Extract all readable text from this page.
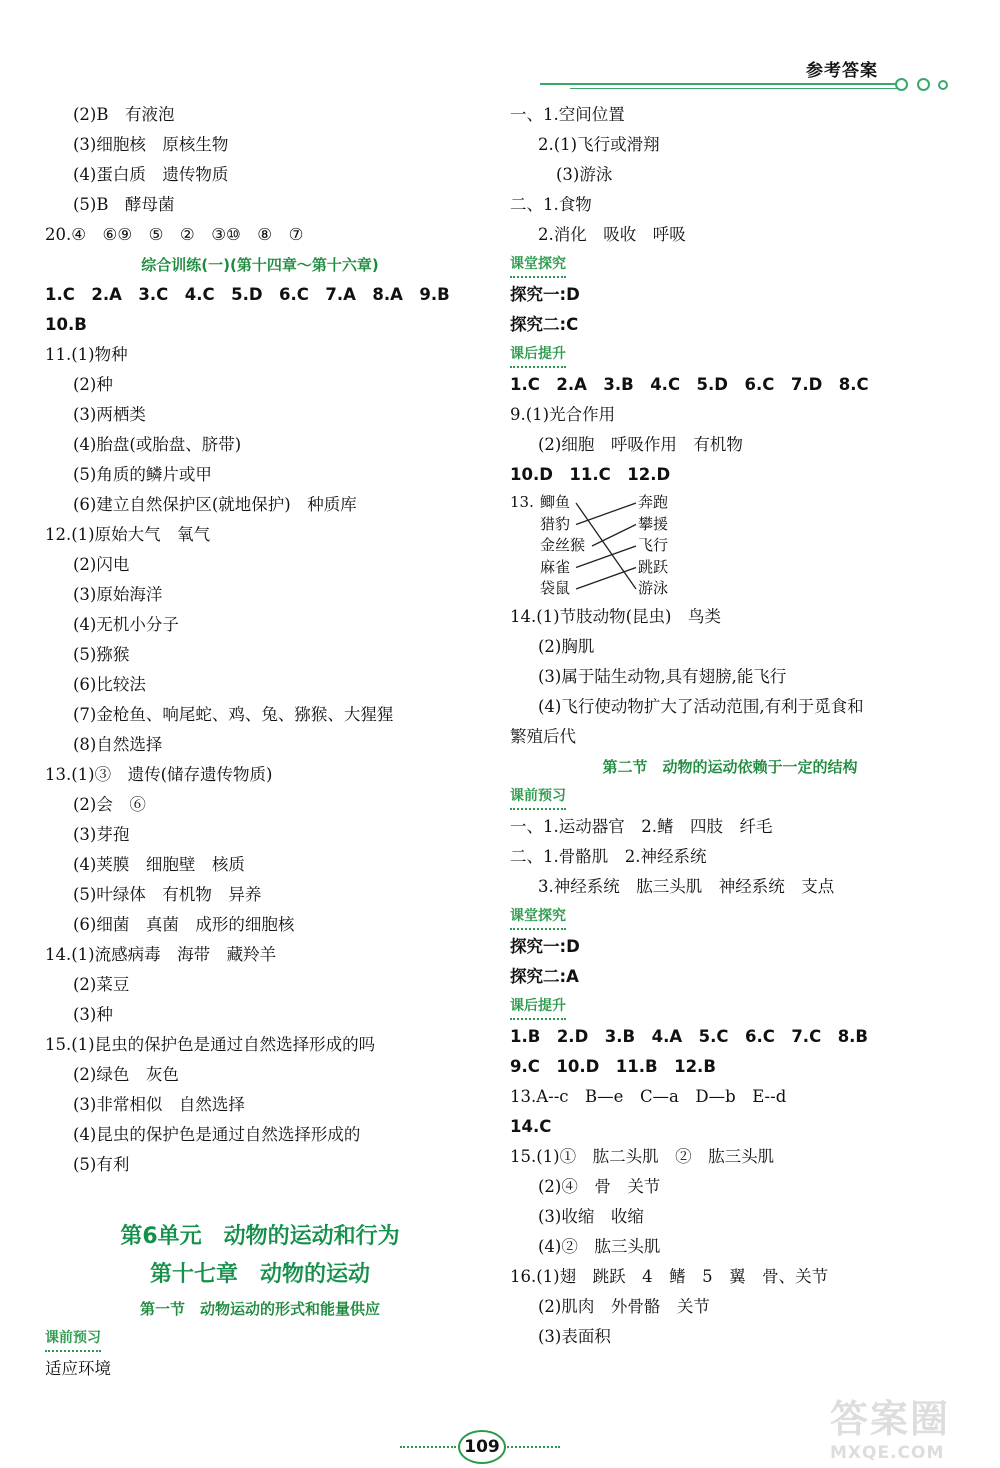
参考答案
(2)B　有液泡
(3)细胞核　原核生物
(4)蛋白质　遗传物质
(5)B　酵母菌
20.④　⑥⑨　⑤　②　③⑩　⑧　⑦
综合训练(一)(第十四章～第十六章)
1.C　2.A　3.C　4.C　5.D　6.C　7.A　8.A　9.B
10.B
11.(1)物种
(2)种
(3)两栖类
(4)胎盘(或胎盘、脐带)
(5)角质的鳞片或甲
(6)建立自然保护区(就地保护)　种质库
12.(1)原始大气　氧气
(2)闪电
(3)原始海洋
(4)无机小分子
(5)猕猴
(6)比较法
(7)金枪鱼、响尾蛇、鸡、兔、猕猴、大猩猩
(8)自然选择
13.(1)③　遗传(储存遗传物质)
(2)会　⑥
(3)芽孢
(4)荚膜　细胞壁　核质
(5)叶绿体　有机物　异养
(6)细菌　真菌　成形的细胞核
14.(1)流感病毒　海带　藏羚羊
(2)菜豆
(3)种
15.(1)昆虫的保护色是通过自然选择形成的吗
(2)绿色　灰色
(3)非常相似　自然选择
(4)昆虫的保护色是通过自然选择形成的
(5)有利
第6单元　动物的运动和行为
第十七章　动物的运动
第一节　动物运动的形式和能量供应
课前预习
适应环境
一、1.空间位置
2.(1)飞行或滑翔
(3)游泳
二、1.食物
2.消化　吸收　呼吸
课堂探究
探究一:D
探究二:C
课后提升
1.C　2.A　3.B　4.C　5.D　6.C　7.D　8.C
9.(1)光合作用
(2)细胞　呼吸作用　有机物
10.D　11.C　12.D
13. 鲫鱼
猎豹
金丝猴
麻雀
袋鼠
奔跑
攀援
飞行
跳跃
游泳
14.(1)节肢动物(昆虫)　鸟类
(2)胸肌
(3)属于陆生动物,具有翅膀,能飞行
(4)飞行使动物扩大了活动范围,有利于觅食和
繁殖后代
第二节　动物的运动依赖于一定的结构
课前预习
一、1.运动器官　2.鳍　四肢　纤毛
二、1.骨骼肌　2.神经系统
3.神经系统　肱三头肌　神经系统　支点
课堂探究
探究一:D
探究二:A
课后提升
1.B　2.D　3.B　4.A　5.C　6.C　7.C　8.B
9.C　10.D　11.B　12.B
13.A--c　B—e　C—a　D—b　E--d
14.C
15.(1)①　肱二头肌　②　肱三头肌
(2)④　骨　关节
(3)收缩　收缩
(4)②　肱三头肌
16.(1)翅　跳跃　4　鳍　5　翼　骨、关节
(2)肌肉　外骨骼　关节
(3)表面积
109
答案圈
MXQE.COM
